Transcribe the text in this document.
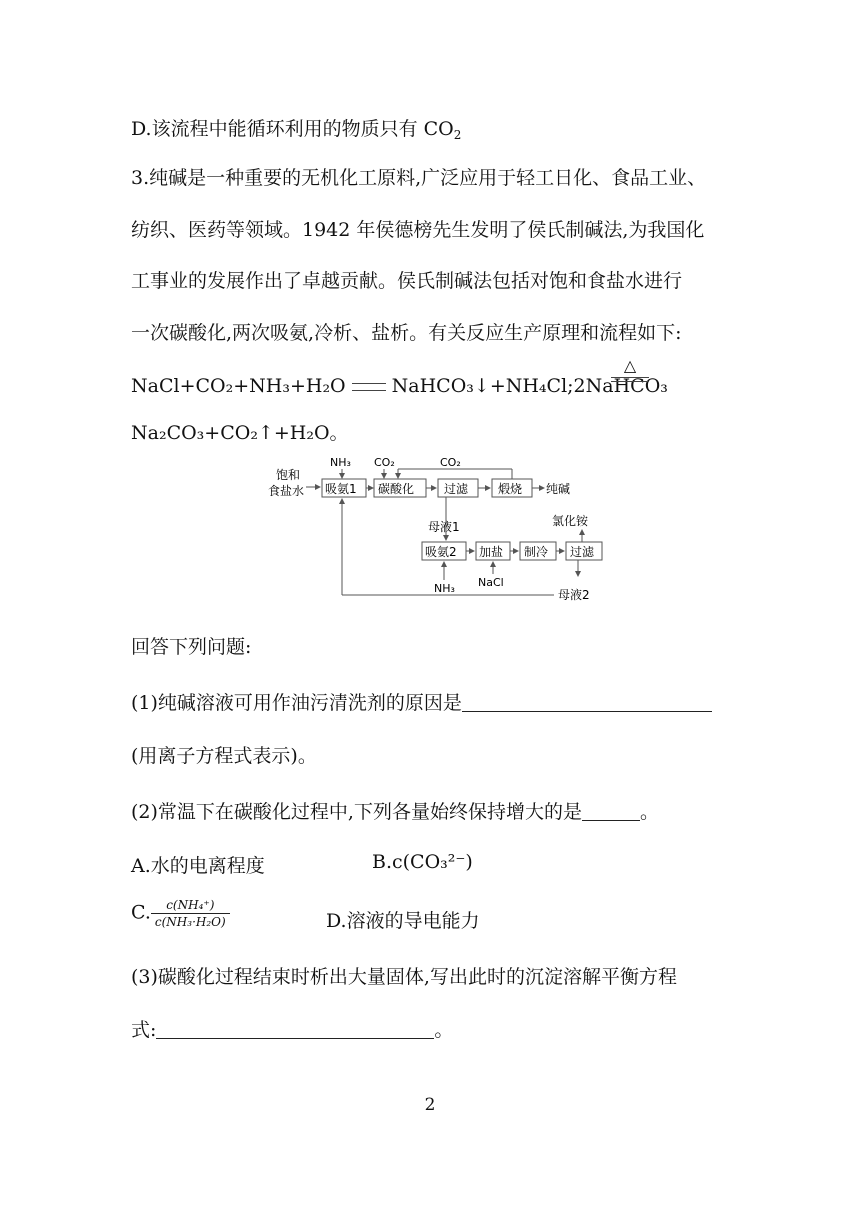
D.该流程中能循环利用的物质只有 $CO_2$
3.纯碱是一种重要的无机化工原料,广泛应用于轻工日化、食品工业、
纺织、医药等领域。1942 年侯德榜先生发明了侯氏制碱法,为我国化
工事业的发展作出了卓越贡献。侯氏制碱法包括对饱和食盐水进行
一次碳酸化,两次吸氨,冷析、盐析。有关反应生产原理和流程如下:
NaCl+CO₂+NH₃+H₂O NaHCO₃↓+NH₄Cl;2NaHCO₃
△
Na₂CO₃+CO₂↑+H₂O。
饱和
食盐水
NH₃
吸氨1
CO₂	CO₂
碳酸化 过滤 煅烧 纯碱
母液1
吸氨2 加盐 制冷 过滤
氯化铵
NH₃ NaCl
母液2
回答下列问题:
(1)纯碱溶液可用作油污清洗剂的原因是
(用离子方程式表示)。
(2)常温下在碳酸化过程中,下列各量始终保持增大的是	。
A.水的电离程度	B.c(CO₃²⁻)
C. $\frac{\text{c(NH₄⁺)}}{\text{c(NH₃·H₂O)}}$	D.溶液的导电能力
(3)碳酸化过程结束时析出大量固体,写出此时的沉淀溶解平衡方程
式:	。
2
